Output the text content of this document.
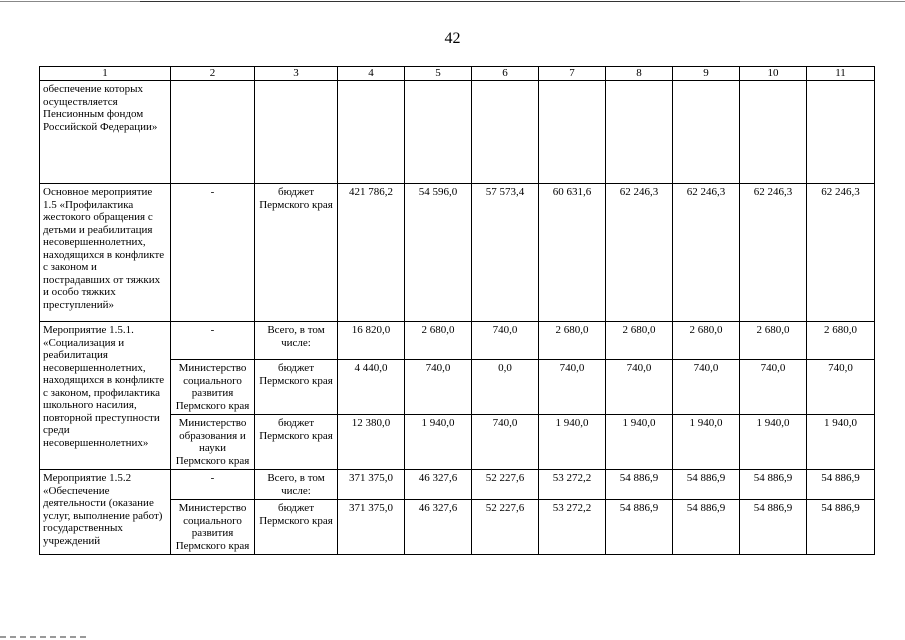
42
1	2	3	4	5	6	7	8	9	10	11
обеспечение которых осуществляется Пенсионным фондом Российской Федерации»										
Основное мероприятие 1.5 «Профилактика жестокого обращения с детьми и реабилитация несовершеннолетних, находящихся в конфликте с законом и пострадавших от тяжких и особо тяжких преступлений»	-	бюджет Пермского края	421 786,2	54 596,0	57 573,4	60 631,6	62 246,3	62 246,3	62 246,3	62 246,3
Мероприятие 1.5.1. «Социализация и реабилитация несовершеннолетних, находящихся в конфликте с законом, профилактика школьного насилия, повторной преступности среди несовершеннолетних»	-	Всего, в том числе:	16 820,0	2 680,0	740,0	2 680,0	2 680,0	2 680,0	2 680,0	2 680,0
	Министерство социального развития Пермского края	бюджет Пермского края	4 440,0	740,0	0,0	740,0	740,0	740,0	740,0	740,0
	Министерство образования и науки Пермского края	бюджет Пермского края	12 380,0	1 940,0	740,0	1 940,0	1 940,0	1 940,0	1 940,0	1 940,0
Мероприятие 1.5.2 «Обеспечение деятельности (оказание услуг, выполнение работ) государственных учреждений	-	Всего, в том числе:	371 375,0	46 327,6	52 227,6	53 272,2	54 886,9	54 886,9	54 886,9	54 886,9
	Министерство социального развития Пермского края	бюджет Пермского края	371 375,0	46 327,6	52 227,6	53 272,2	54 886,9	54 886,9	54 886,9	54 886,9
